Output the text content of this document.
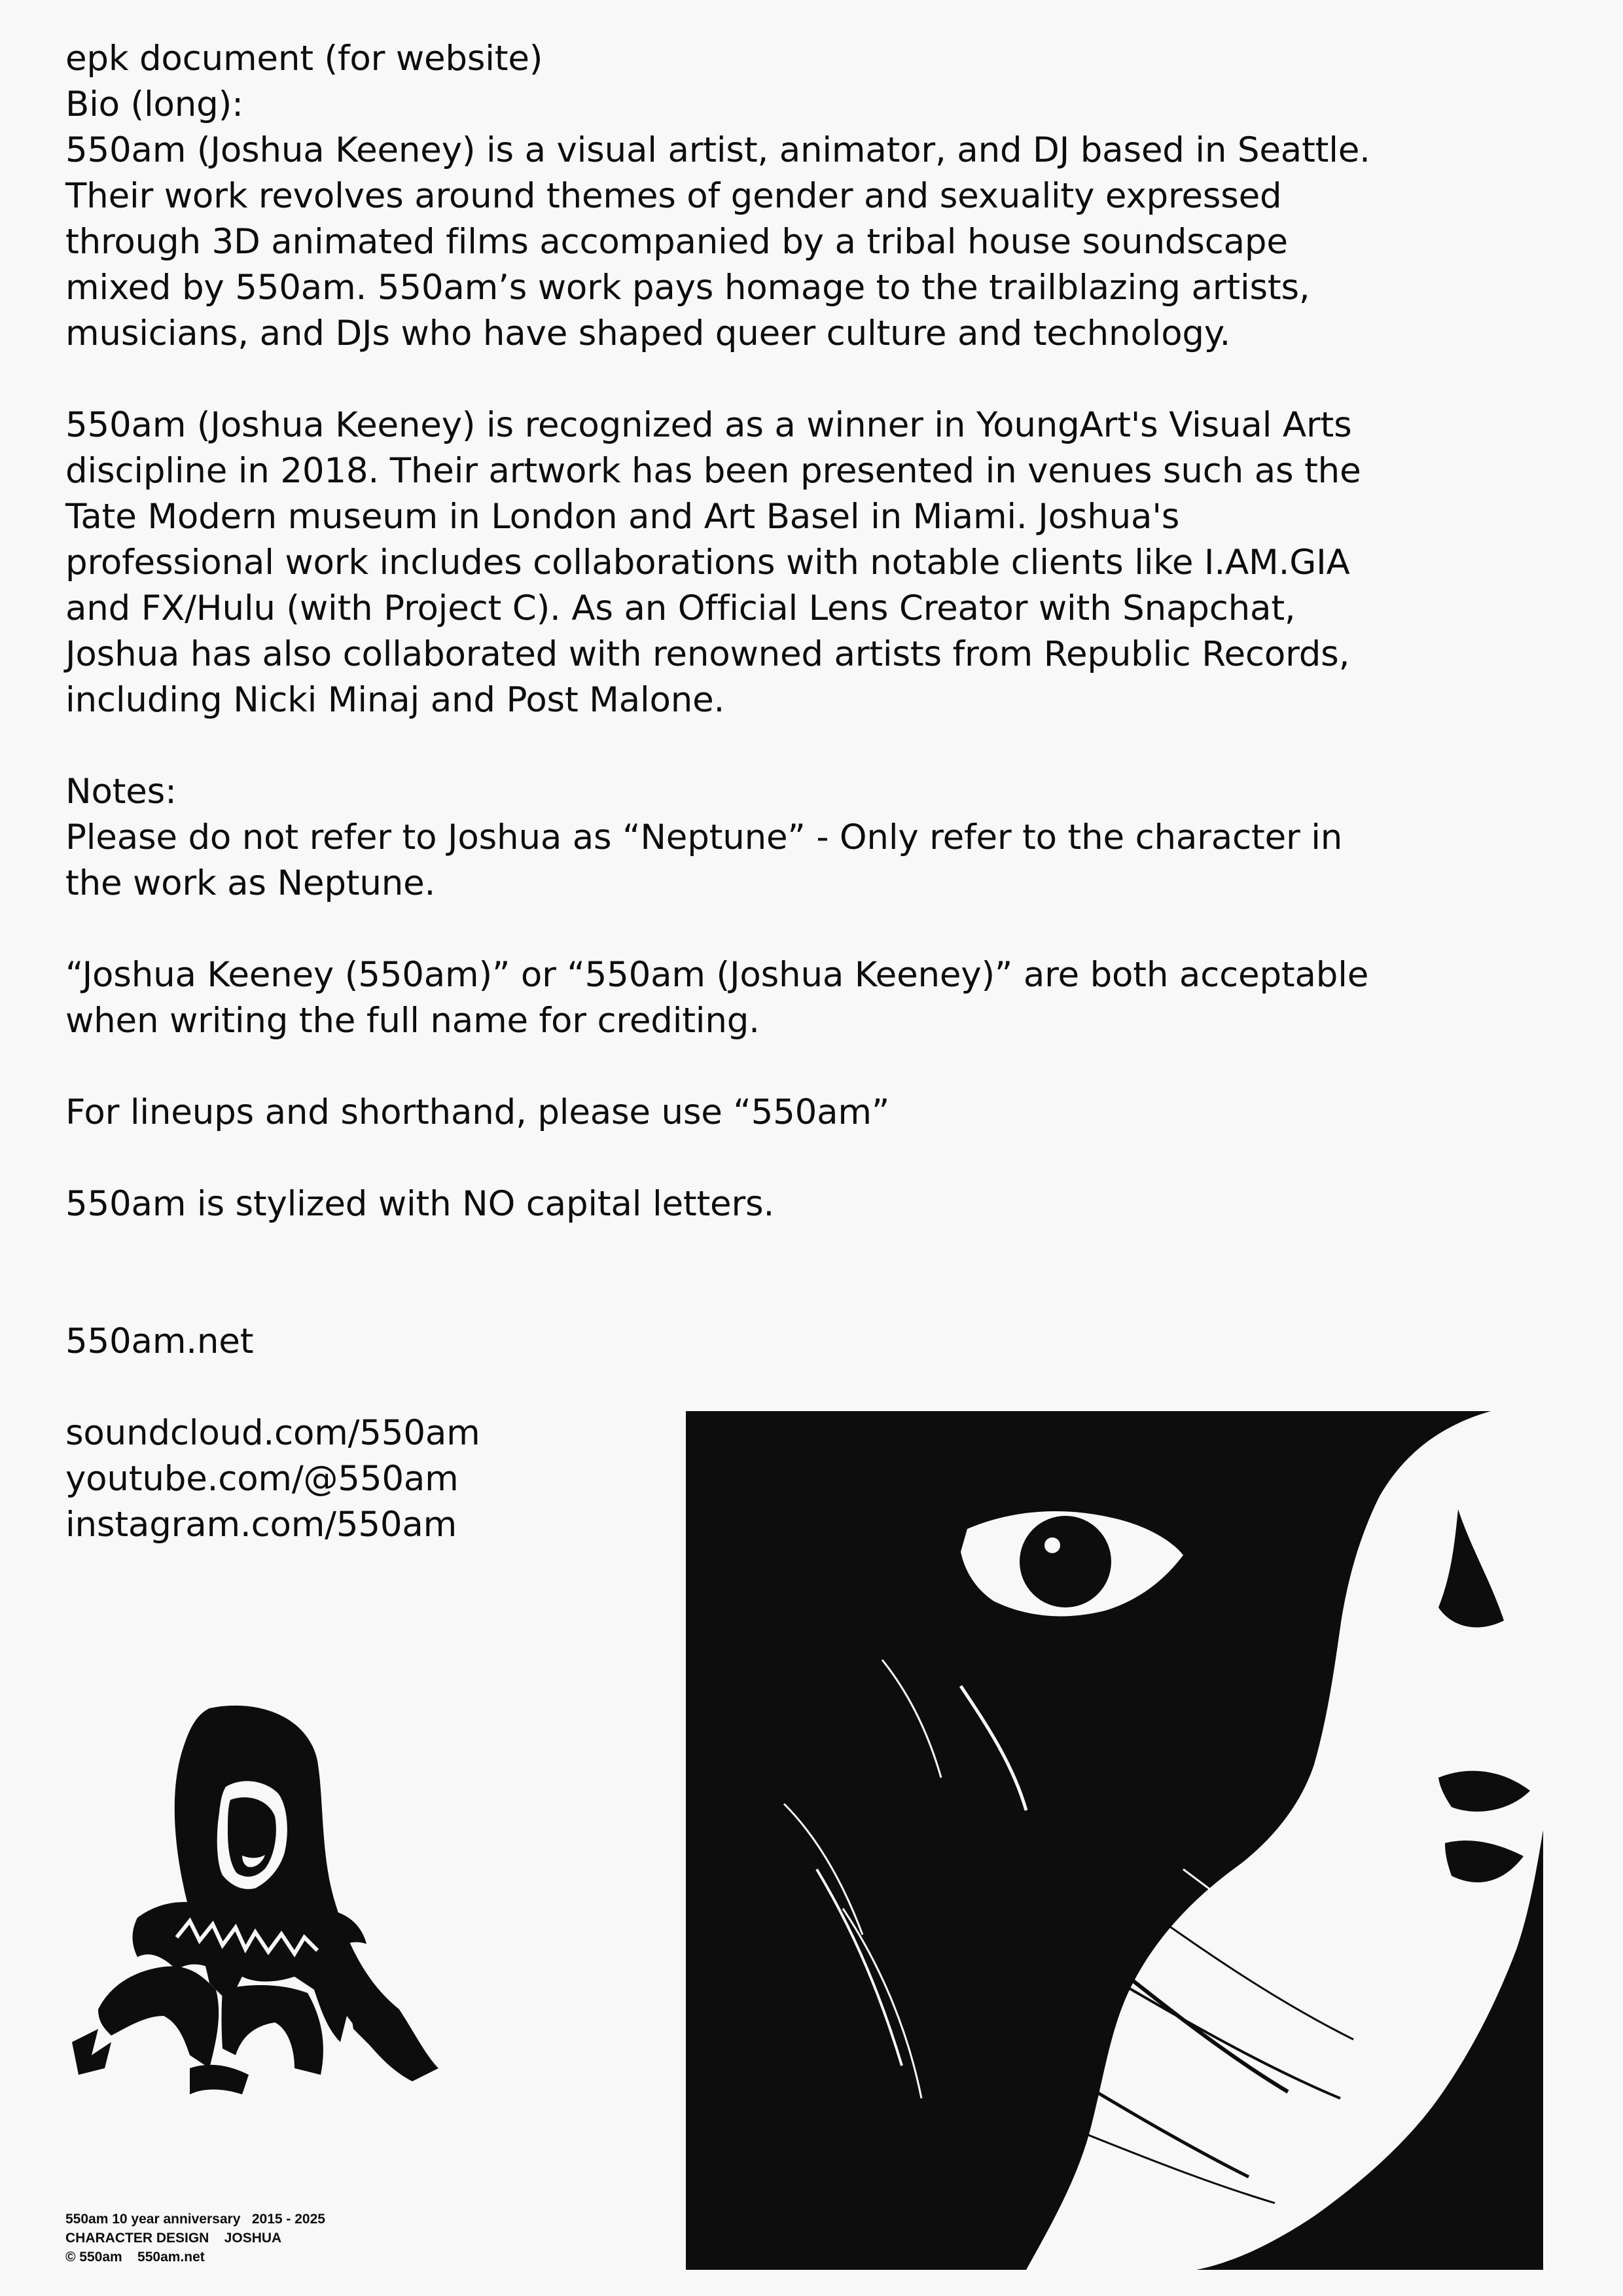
epk document (for website)

Bio (long):

550am (Joshua Keeney) is a visual artist, animator, and DJ based in Seattle.

Their work revolves around themes of gender and sexuality expressed

through 3D animated films accompanied by a tribal house soundscape

mixed by 550am. 550am’s work pays homage to the trailblazing artists,

musicians, and DJs who have shaped queer culture and technology.

550am (Joshua Keeney) is recognized as a winner in YoungArt's Visual Arts

discipline in 2018. Their artwork has been presented in venues such as the

Tate Modern museum in London and Art Basel in Miami. Joshua's

professional work includes collaborations with notable clients like I.AM.GIA

and FX/Hulu (with Project C). As an Official Lens Creator with Snapchat,

Joshua has also collaborated with renowned artists from Republic Records,

including Nicki Minaj and Post Malone.

Notes:

Please do not refer to Joshua as “Neptune” - Only refer to the character in

the work as Neptune.

“Joshua Keeney (550am)” or “550am (Joshua Keeney)” are both acceptable

when writing the full name for crediting.

For lineups and shorthand, please use “550am”

550am is stylized with NO capital letters.

550am.net

soundcloud.com/550am

youtube.com/@550am

instagram.com/550am

550am 10 year anniversary   2015 - 2025
CHARACTER DESIGN    JOSHUA
© 550am    550am.net
